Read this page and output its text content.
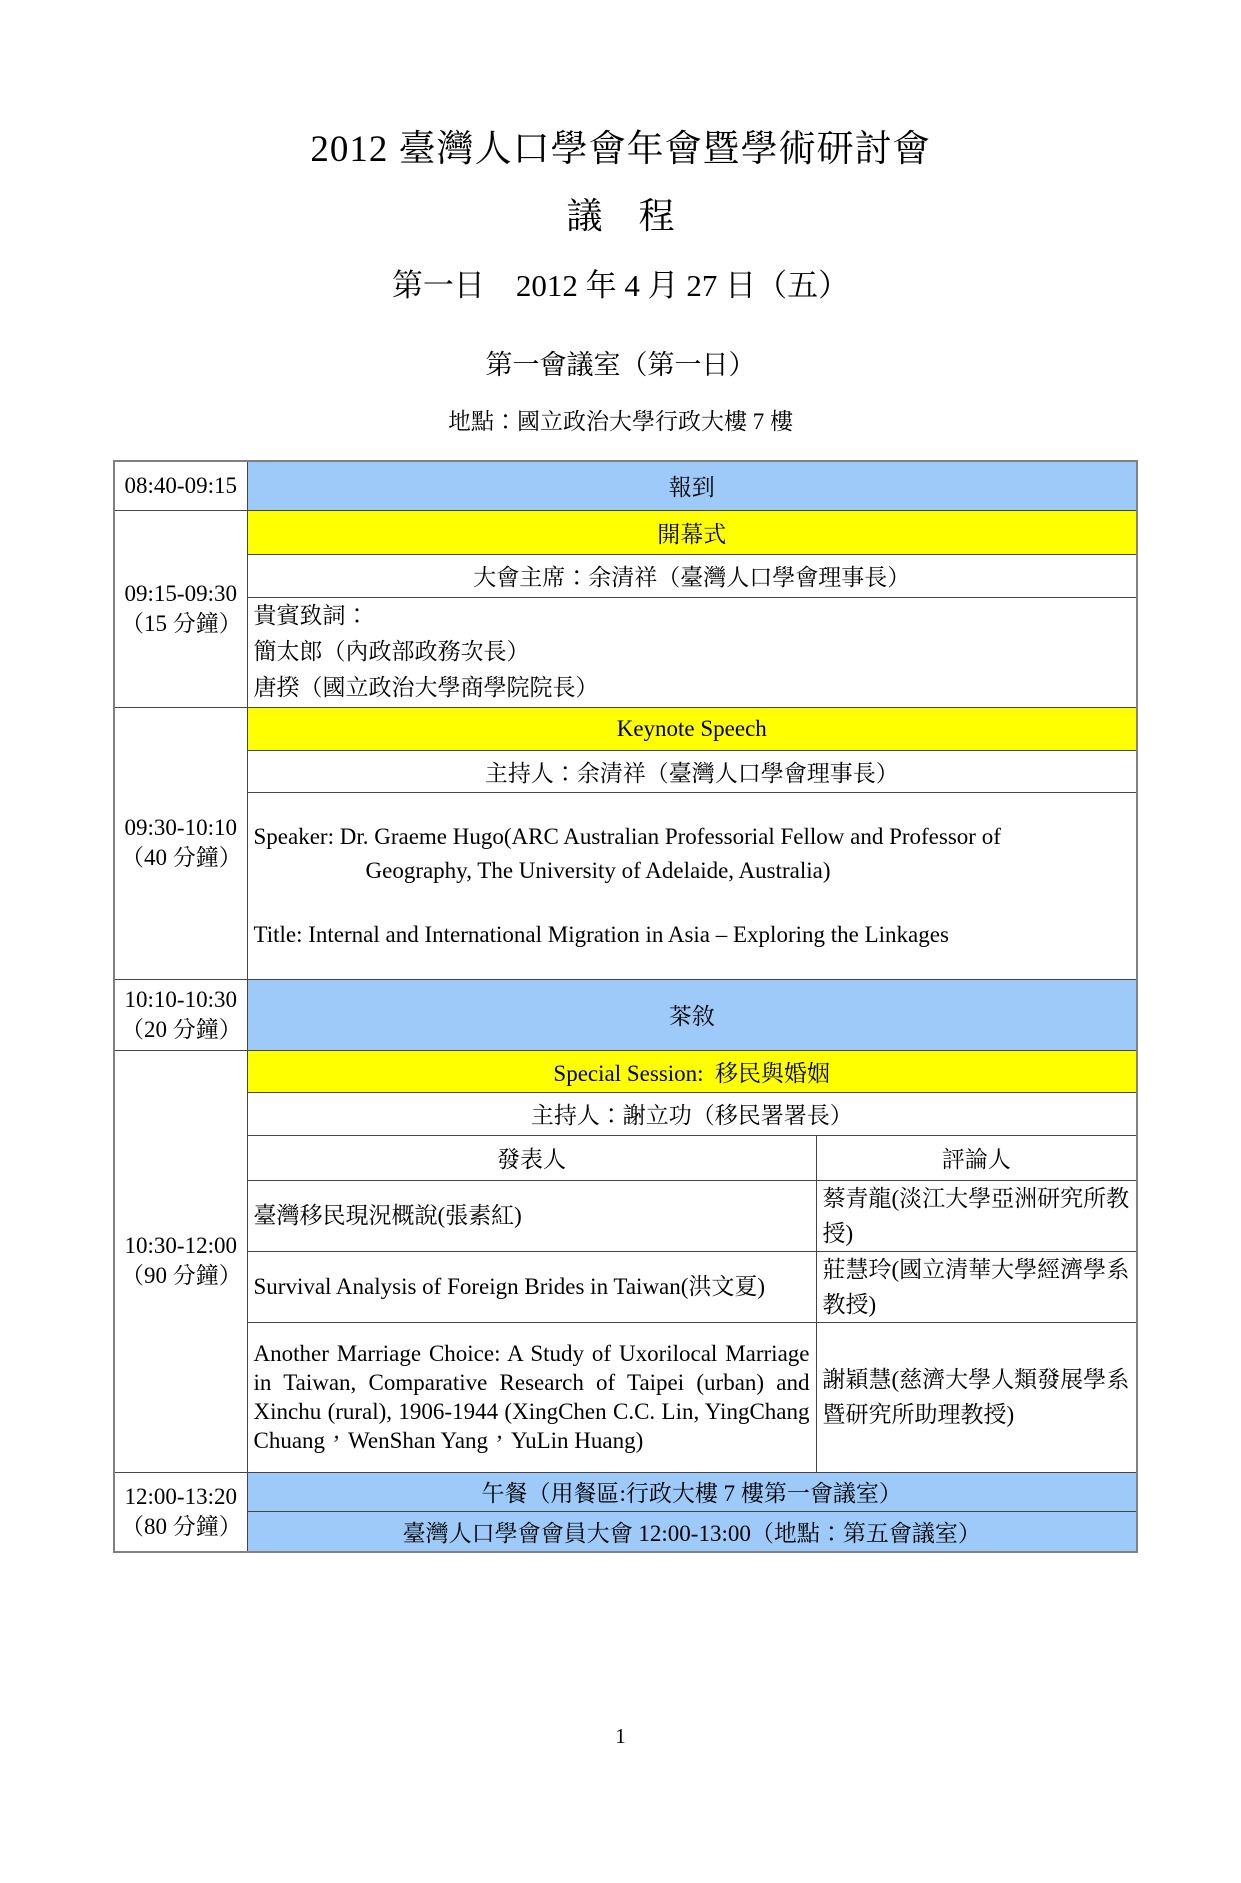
2012 臺灣人口學會年會暨學術研討會
議　程
第一日　2012 年 4 月 27 日（五）
第一會議室（第一日）
地點：國立政治大學行政大樓 7 樓
08:40-09:15	報到	

09:15-09:30
（15 分鐘）	開幕式	
	大會主席：余清祥（臺灣人口學會理事長）	

	貴賓致詞：
簡太郎（內政部政務次長）
唐揆（國立政治大學商學院院長）	

09:30-10:10
（40 分鐘）	Keynote Speech	
	主持人：余清祥（臺灣人口學會理事長）	

	Speaker: Dr. Graeme Hugo(ARC Australian Professorial Fellow and Professor of
Geography, The University of Adelaide, Australia)
Title: Internal and International Migration in Asia – Exploring the Linkages	

10:10-10:30
（20 分鐘）	茶敘	

10:30-12:00
（90 分鐘）	Special Session:  移民與婚姻	
	主持人：謝立功（移民署署長）	
	發表人	評論人
	臺灣移民現況概說(張素紅)	蔡青龍(淡江大學亞洲研究所教授)
	Survival Analysis of Foreign Brides in Taiwan(洪文夏)	莊慧玲(國立清華大學經濟學系教授)
	Another Marriage Choice: A Study of Uxorilocal Marriage in Taiwan, Comparative Research of Taipei (urban) and Xinchu (rural), 1906-1944 (XingChen C.C. Lin, YingChang Chuang，WenShan Yang，YuLin Huang)	謝穎慧(慈濟大學人類發展學系暨研究所助理教授)

12:00-13:20
（80 分鐘）	午餐（用餐區:行政大樓 7 樓第一會議室）	
	臺灣人口學會會員大會 12:00-13:00（地點：第五會議室）	
1
